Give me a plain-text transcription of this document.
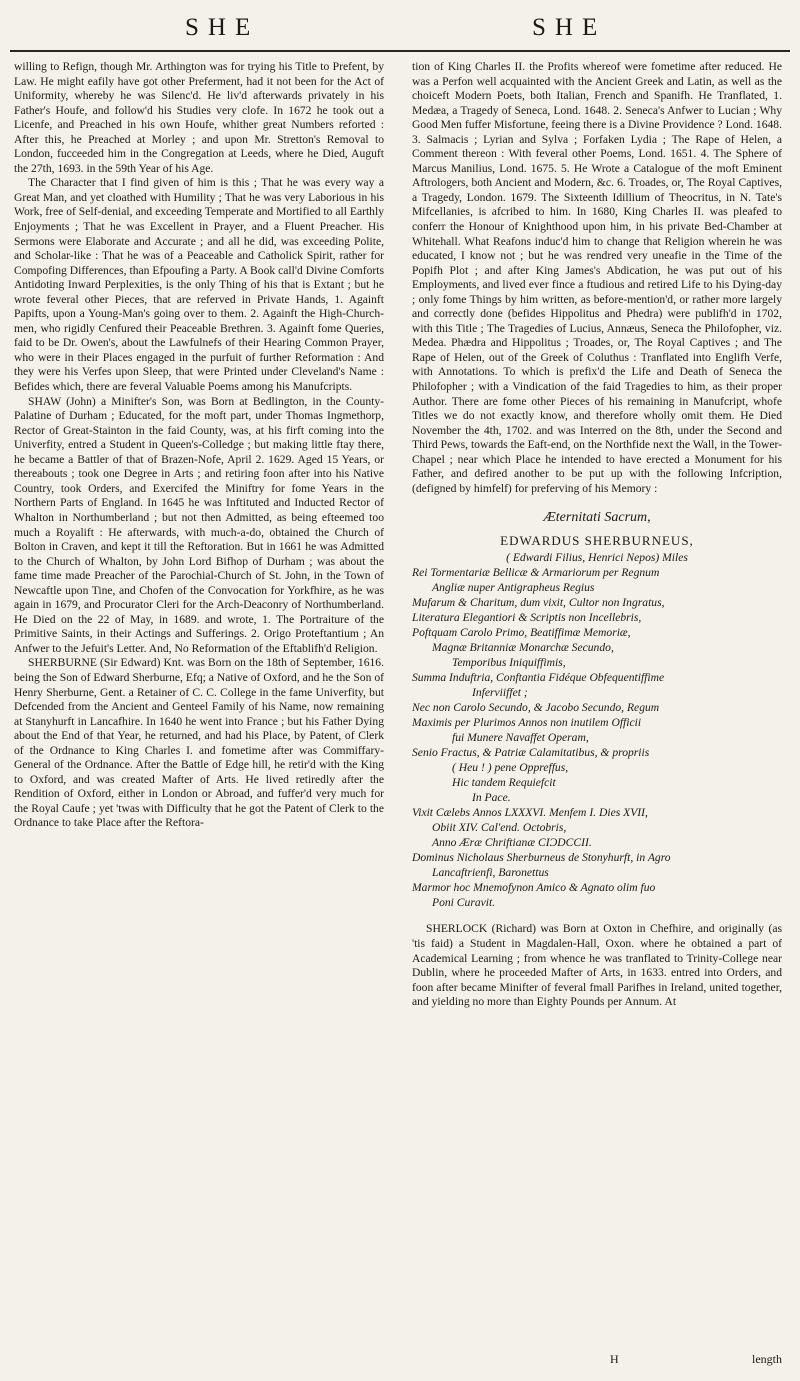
SHE	SHE

willing to Refign, though Mr. Arthington was for trying his Title to Prefent, by Law. He might eafily have got other Preferment, had it not been for the Act of Uniformity, whereby he was Silenc'd. He liv'd afterwards privately in his Father's Houfe, and follow'd his Studies very clofe. In 1672 he took out a Licenfe, and Preached in his own Houfe, whither great Numbers reforted : After this, he Preached at Morley ; and upon Mr. Stretton's Removal to London, fucceeded him in the Congregation at Leeds, where he Died, Auguft the 27th, 1693. in the 59th Year of his Age.

The Character that I find given of him is this ; That he was every way a Great Man, and yet cloathed with Humility ; That he was very Laborious in his Work, free of Self-denial, and exceeding Temperate and Mortified to all Earthly Enjoyments ; That he was Excellent in Prayer, and a Fluent Preacher. His Sermons were Elaborate and Accurate ; and all he did, was exceeding Polite, and Scholar-like : That he was of a Peaceable and Catholick Spirit, rather for Compofing Differences, than Efpoufing a Party. A Book call'd Divine Comforts Antidoting Inward Perplexities, is the only Thing of his that is Extant ; but he wrote feveral other Pieces, that are referved in Private Hands, 1. Againft Papifts, upon a Young-Man's going over to them. 2. Againft the High-Church-men, who rigidly Cenfured their Peaceable Brethren. 3. Againft fome Queries, faid to be Dr. Owen's, about the Lawfulnefs of their Hearing Common Prayer, who were in their Places engaged in the purfuit of further Reformation : And they were his Verfes upon Sleep, that were Printed under Cleveland's Name : Befides which, there are feveral Valuable Poems among his Manufcripts.

SHAW (John) a Minifter's Son, was Born at Bedlington, in the County-Palatine of Durham ; Educated, for the moft part, under Thomas Ingmethorp, Rector of Great-Stainton in the faid County, was, at his firft coming into the Univerfity, entred a Student in Queen's-Colledge ; but making little ftay there, he became a Battler of that of Brazen-Nofe, April 2. 1629. Aged 15 Years, or thereabouts ; took one Degree in Arts ; and retiring foon after into his Native Country, took Orders, and Exercifed the Miniftry for fome Years in the Northern Parts of England. In 1645 he was Inftituted and Inducted Rector of Whalton in Northumberland ; but not then Admitted, as being efteemed too much a Royalift : He afterwards, with much-a-do, obtained the Church of Bolton in Craven, and kept it till the Reftoration. But in 1661 he was Admitted to the Church of Whalton, by John Lord Bifhop of Durham ; was about the fame time made Preacher of the Parochial-Church of St. John, in the Town of Newcaftle upon Tine, and Chofen of the Convocation for Yorkfhire, as he was again in 1679, and Procurator Cleri for the Arch-Deaconry of Northumberland. He Died on the 22 of May, in 1689. and wrote, 1. The Portraiture of the Primitive Saints, in their Actings and Sufferings. 2. Origo Proteftantium ; An Anfwer to the Jefuit's Letter. And, No Reformation of the Eftablifh'd Religion.

SHERBURNE (Sir Edward) Knt. was Born on the 18th of September, 1616. being the Son of Edward Sherburne, Efq; a Native of Oxford, and he the Son of Henry Sherburne, Gent. a Retainer of C. C. College in the fame Univerfity, but Defcended from the Ancient and Genteel Family of his Name, now remaining at Stanyhurft in Lancafhire. In 1640 he went into France ; but his Father Dying about the End of that Year, he returned, and had his Place, by Patent, of Clerk of the Ordnance to King Charles I. and fometime after was Commiffary-General of the Ordnance. After the Battle of Edge hill, he retir'd with the King to Oxford, and was created Mafter of Arts. He lived retiredly after the Rendition of Oxford, either in London or Abroad, and fuffer'd very much for the Royal Caufe ; yet 'twas with Difficulty that he got the Patent of Clerk to the Ordnance to take Place after the Reftora-

tion of King Charles II. the Profits whereof were fometime after reduced. He was a Perfon well acquainted with the Ancient Greek and Latin, as well as the choiceft Modern Poets, both Italian, French and Spanifh. He Tranflated, 1. Medæa, a Tragedy of Seneca, Lond. 1648. 2. Seneca's Anfwer to Lucian ; Why Good Men fuffer Misfortune, feeing there is a Divine Providence ? Lond. 1648. 3. Salmacis ; Lyrian and Sylva ; Forfaken Lydia ; The Rape of Helen, a Comment thereon : With feveral other Poems, Lond. 1651. 4. The Sphere of Marcus Manilius, Lond. 1675. 5. He Wrote a Catalogue of the moft Eminent Aftrologers, both Ancient and Modern, &c. 6. Troades, or, The Royal Captives, a Tragedy, London. 1679. The Sixteenth Idillium of Theocritus, in N. Tate's Mifcellanies, is afcribed to him. In 1680, King Charles II. was pleafed to conferr the Honour of Knighthood upon him, in his private Bed-Chamber at Whitehall. What Reafons induc'd him to change that Religion wherein he was educated, I know not ; but he was rendred very uneafie in the Time of the Popifh Plot ; and after King James's Abdication, he was put out of his Employments, and lived ever fince a ftudious and retired Life to his Dying-day ; only fome Things by him written, as before-mention'd, or rather more largely and correctly done (befides Hippolitus and Phedra) were publifh'd in 1702, with this Title ; The Tragedies of Lucius, Annæus, Seneca the Philofopher, viz. Medea. Phædra and Hippolitus ; Troades, or, The Royal Captives ; and The Rape of Helen, out of the Greek of Coluthus : Tranflated into Englifh Verfe, with Annotations. To which is prefix'd the Life and Death of Seneca the Philofopher ; with a Vindication of the faid Tragedies to him, as their proper Author. There are fome other Pieces of his remaining in Manufcript, whofe Titles we do not exactly know, and therefore wholly omit them. He Died November the 4th, 1702. and was Interred on the 8th, under the Second and Third Pews, towards the Eaft-end, on the Northfide next the Wall, in the Tower-Chapel ; near which Place he intended to have erected a Monument for his Father, and defired another to be put up with the following Infcription, (defigned by himfelf) for preferving of his Memory :

Æternitati Sacrum,
EDWARDUS SHERBURNEUS,
( Edwardi Filius, Henrici Nepos) Miles
Rei Tormentariæ Bellicæ & Armariorum per Regnum
Angliæ nuper Antigrapheus Regius
Mufarum & Charitum, dum vixit, Cultor non Ingratus,
Literatura Elegantiori & Scriptis non Incellebris,
Poftquam Carolo Primo, Beatiffimæ Memoriæ,
Magnæ Britanniæ Monarchæ Secundo,
Temporibus Iniquiffimis,
Summa Induftria, Conftantia Fidéque Obfequentiffime
Inferviiffet ;
Nec non Carolo Secundo, & Jacobo Secundo, Regum
Maximis per Plurimos Annos non inutilem Officii
fui Munere Navaffet Operam,
Senio Fractus, & Patriæ Calamitatibus, & propriis
( Heu ! ) pene Oppreffus,
Hic tandem Requiefcit
In Pace.
Vixit Cælebs Annos LXXXVI. Menfem I. Dies XVII,
Obiit XIV. Cal'end. Octobris,
Anno Æræ Chriftianæ CIƆDCCII.
Dominus Nicholaus Sherburneus de Stonyhurft, in Agro
Lancaftrienfi, Baronettus
Marmor hoc Mnemofynon Amico & Agnato olim fuo
Poni Curavit.

SHERLOCK (Richard) was Born at Oxton in Chefhire, and originally (as 'tis faid) a Student in Magdalen-Hall, Oxon. where he obtained a part of Academical Learning ; from whence he was tranflated to Trinity-College near Dublin, where he proceeded Mafter of Arts, in 1633. entred into Orders, and foon after became Minifter of feveral fmall Parifhes in Ireland, united together, and yielding no more than Eighty Pounds per Annum. At

H	length
